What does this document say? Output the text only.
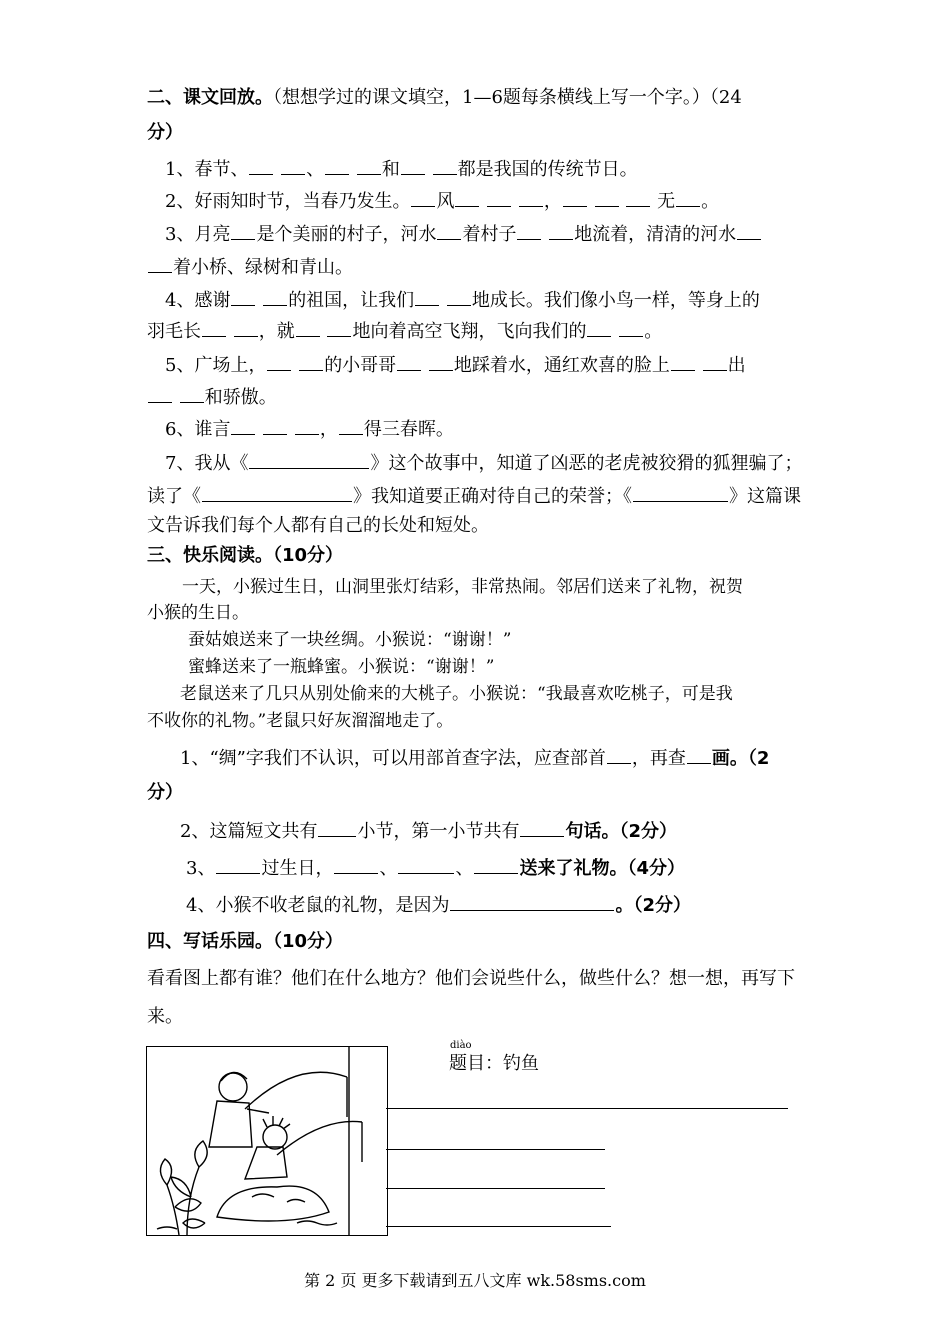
二、课文回放。（想想学过的课文填空，1—6题每条横线上写一个字。）（24
分）
1、春节、	、	和	都是我国的传统节日。
2、好雨知时节，当春乃发生。 风	，	无 。
3、月亮 是个美丽的村子，河水 着村子	地流着，清清的河水
着小桥、绿树和青山。
4、感谢	的祖国，让我们	地成长。我们像小鸟一样，等身上的
羽毛长	，就	地向着高空飞翔，飞向我们的	。
5、广场上，	的小哥哥	地踩着水，通红欢喜的脸上	出
和骄傲。
6、谁言	， 得三春晖。
7、我从《	》这个故事中，知道了凶恶的老虎被狡猾的狐狸骗了；
读了《	》我知道要正确对待自己的荣誉；《	》这篇课
文告诉我们每个人都有自己的长处和短处。
三、快乐阅读。（10分）
一天，小猴过生日，山洞里张灯结彩，非常热闹。邻居们送来了礼物，祝贺
小猴的生日。
蚕姑娘送来了一块丝绸。小猴说：“谢谢！”
蜜蜂送来了一瓶蜂蜜。小猴说：“谢谢！”
老鼠送来了几只从别处偷来的大桃子。小猴说：“我最喜欢吃桃子，可是我
不收你的礼物。”老鼠只好灰溜溜地走了。
1、“绸”字我们不认识，可以用部首查字法，应查部首 ，再查 画。（2
分）
2、这篇短文共有 小节，第一小节共有	句话。（2分）
3、	过生日，	、	、	送来了礼物。（4分）
4、小猴不收老鼠的礼物，是因为	。（2分）
四、写话乐园。（10分）
看看图上都有谁？他们在什么地方？他们会说些什么，做些什么？想一想，再写下
来。
diào
题目：钓鱼
第 2 页 更多下载请到五八文库 wk.58sms.com
